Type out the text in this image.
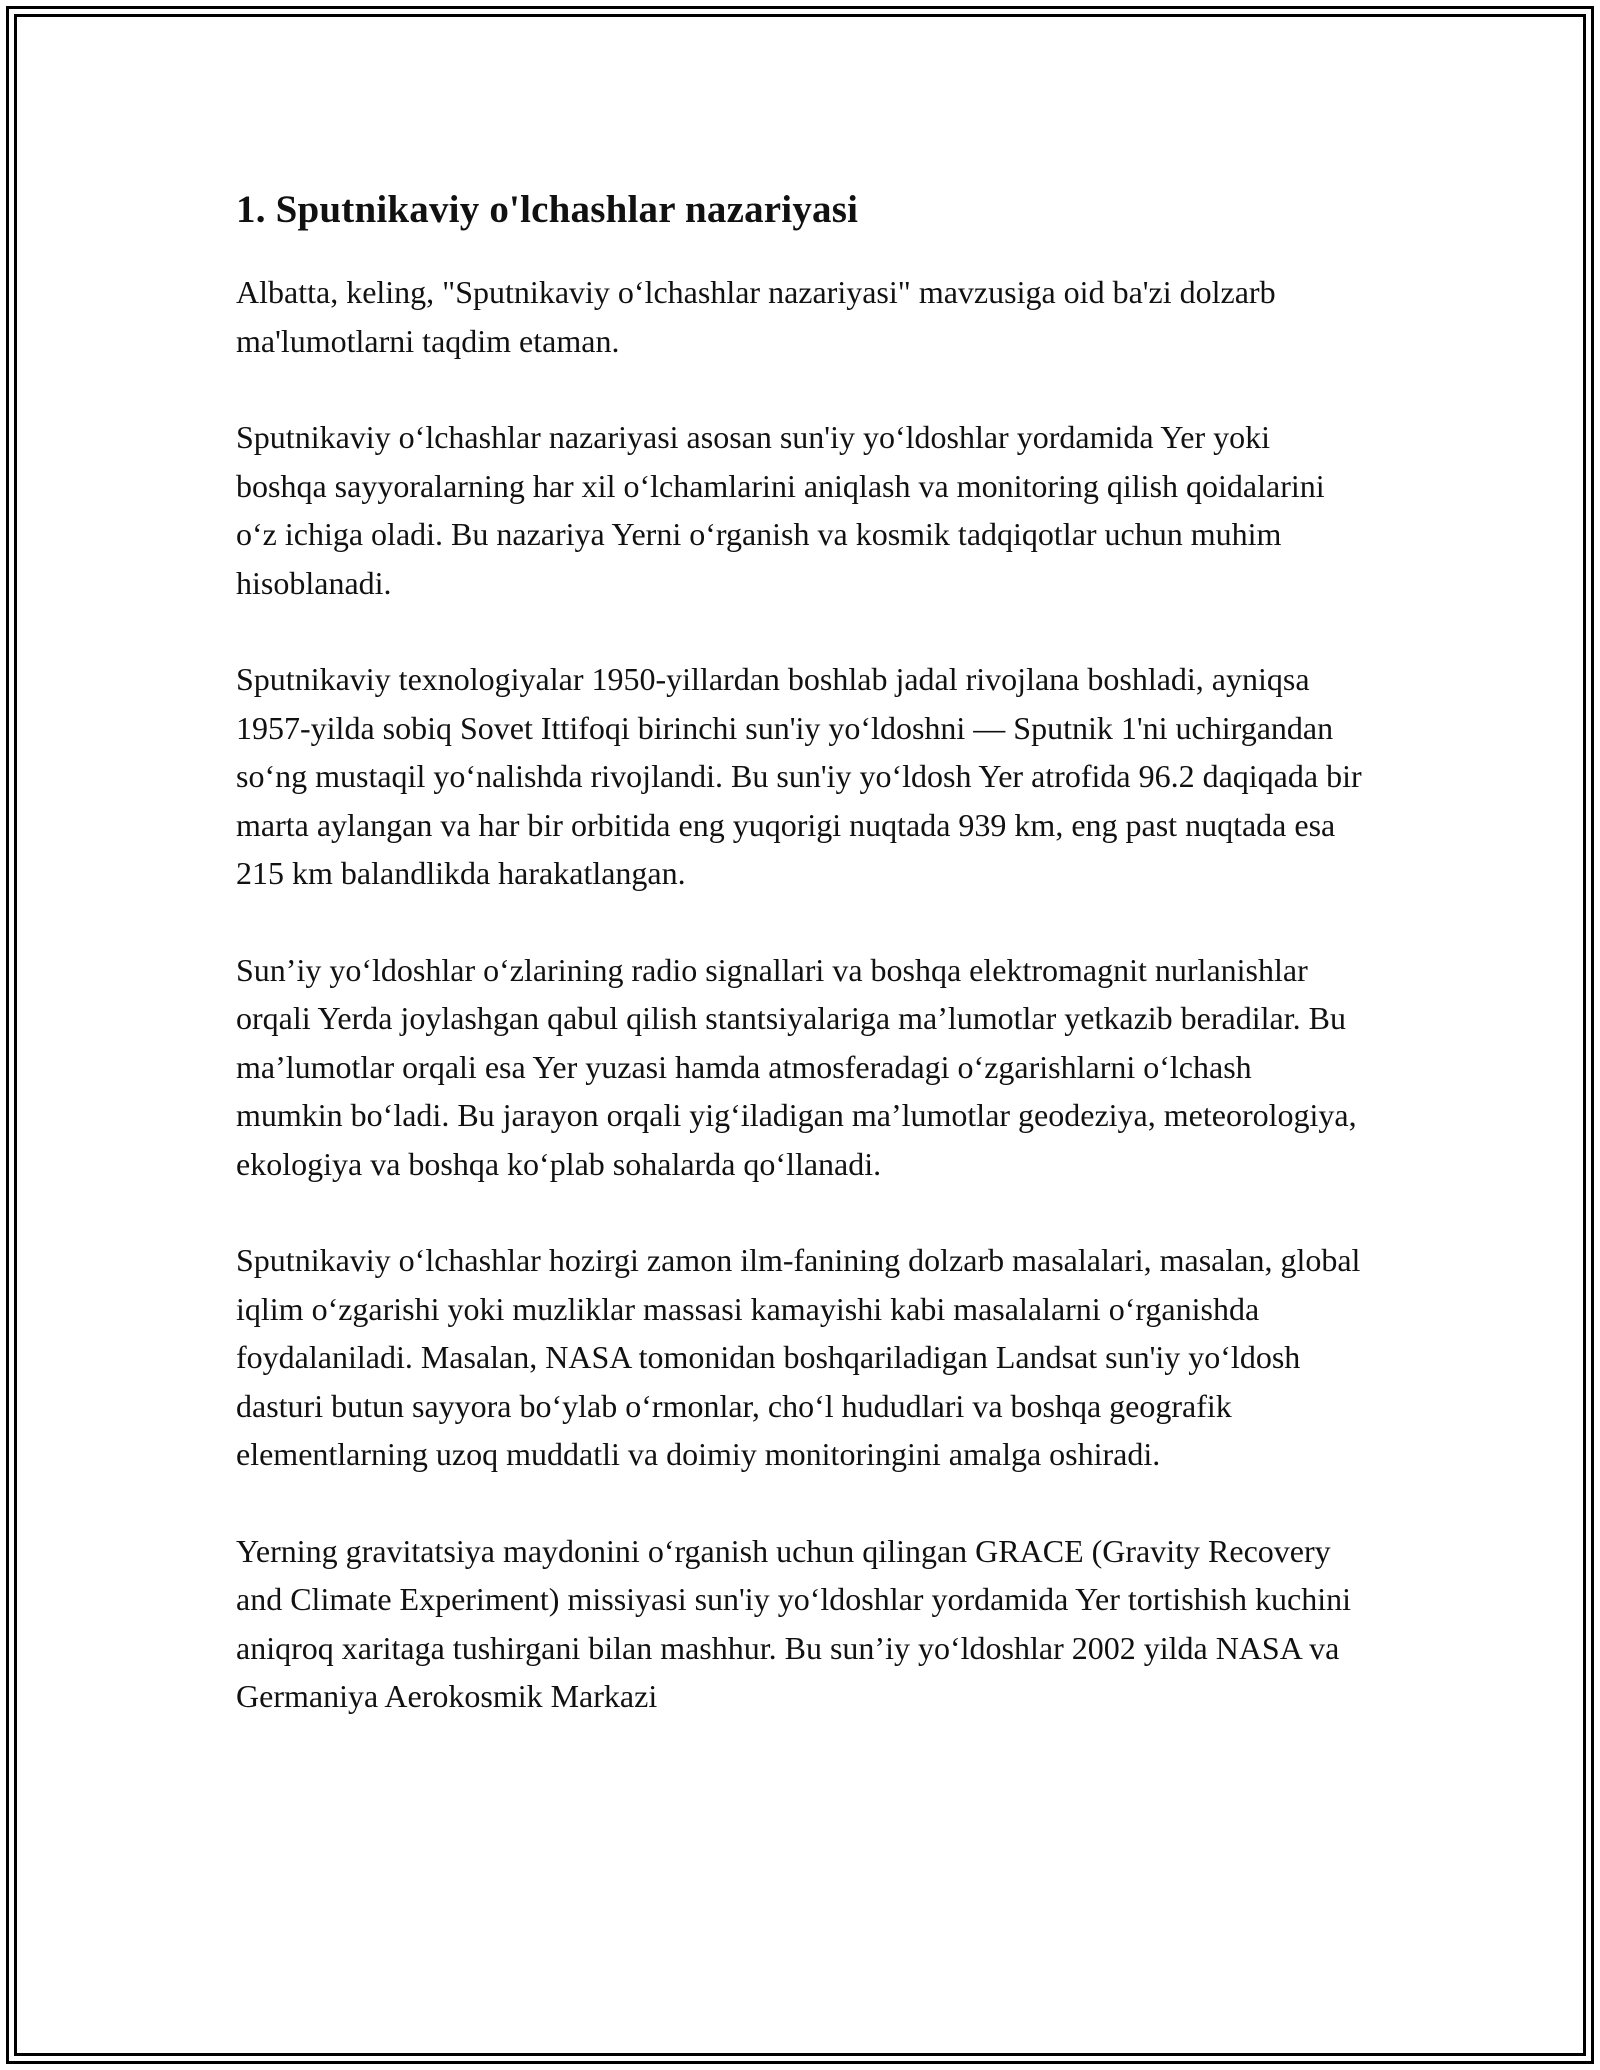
1. Sputnikaviy o'lchashlar nazariyasi

Albatta, keling, "Sputnikaviy o‘lchashlar nazariyasi" mavzusiga oid ba'zi dolzarb ma'lumotlarni taqdim etaman.

Sputnikaviy o‘lchashlar nazariyasi asosan sun'iy yo‘ldoshlar yordamida Yer yoki boshqa sayyoralarning har xil o‘lchamlarini aniqlash va monitoring qilish qoidalarini o‘z ichiga oladi. Bu nazariya Yerni o‘rganish va kosmik tadqiqotlar uchun muhim hisoblanadi.

Sputnikaviy texnologiyalar 1950-yillardan boshlab jadal rivojlana boshladi, ayniqsa 1957-yilda sobiq Sovet Ittifoqi birinchi sun'iy yo‘ldoshni — Sputnik 1'ni uchirgandan so‘ng mustaqil yo‘nalishda rivojlandi. Bu sun'iy yo‘ldosh Yer atrofida 96.2 daqiqada bir marta aylangan va har bir orbitida eng yuqorigi nuqtada 939 km, eng past nuqtada esa 215 km balandlikda harakatlangan.

Sun’iy yo‘ldoshlar o‘zlarining radio signallari va boshqa elektromagnit nurlanishlar orqali Yerda joylashgan qabul qilish stantsiyalariga ma’lumotlar yetkazib beradilar. Bu ma’lumotlar orqali esa Yer yuzasi hamda atmosferadagi o‘zgarishlarni o‘lchash mumkin bo‘ladi. Bu jarayon orqali yig‘iladigan ma’lumotlar geodeziya, meteorologiya, ekologiya va boshqa ko‘plab sohalarda qo‘llanadi.

Sputnikaviy o‘lchashlar hozirgi zamon ilm-fanining dolzarb masalalari, masalan, global iqlim o‘zgarishi yoki muzliklar massasi kamayishi kabi masalalarni o‘rganishda foydalaniladi. Masalan, NASA tomonidan boshqariladigan Landsat sun'iy yo‘ldosh dasturi butun sayyora bo‘ylab o‘rmonlar, cho‘l hududlari va boshqa geografik elementlarning uzoq muddatli va doimiy monitoringini amalga oshiradi.

Yerning gravitatsiya maydonini o‘rganish uchun qilingan GRACE (Gravity Recovery and Climate Experiment) missiyasi sun'iy yo‘ldoshlar yordamida Yer tortishish kuchini aniqroq xaritaga tushirgani bilan mashhur. Bu sun’iy yo‘ldoshlar 2002 yilda NASA va Germaniya Aerokosmik Markazi
